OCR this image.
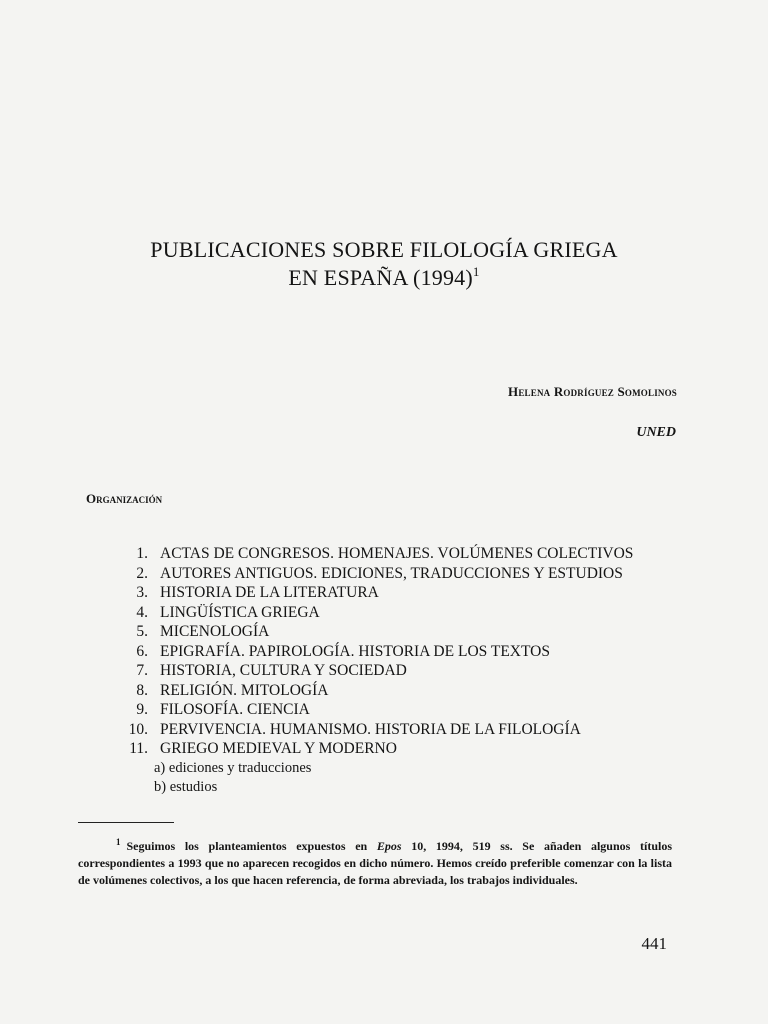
PUBLICACIONES SOBRE FILOLOGÍA GRIEGA
EN ESPAÑA $(1994)^1$
Helena Rodríguez Somolinos
UNED
Organización
1. ACTAS DE CONGRESOS. HOMENAJES. VOLÚMENES COLECTIVOS
2. AUTORES ANTIGUOS. EDICIONES, TRADUCCIONES Y ESTUDIOS
3. HISTORIA DE LA LITERATURA
4. LINGÜÍSTICA GRIEGA
5. MICENOLOGÍA
6. EPIGRAFÍA. PAPIROLOGÍA. HISTORIA DE LOS TEXTOS
7. HISTORIA, CULTURA Y SOCIEDAD
8. RELIGIÓN. MITOLOGÍA
9. FILOSOFÍA. CIENCIA
10. PERVIVENCIA. HUMANISMO. HISTORIA DE LA FILOLOGÍA
11. GRIEGO MEDIEVAL Y MODERNO
a) ediciones y traducciones
b) estudios
$^1$ Seguimos los planteamientos expuestos en Epos 10, 1994, 519 ss. Se añaden algunos títulos correspondientes a 1993 que no aparecen recogidos en dicho número. Hemos creído preferible comenzar con la lista de volúmenes colectivos, a los que hacen referencia, de forma abreviada, los trabajos individuales.
441
